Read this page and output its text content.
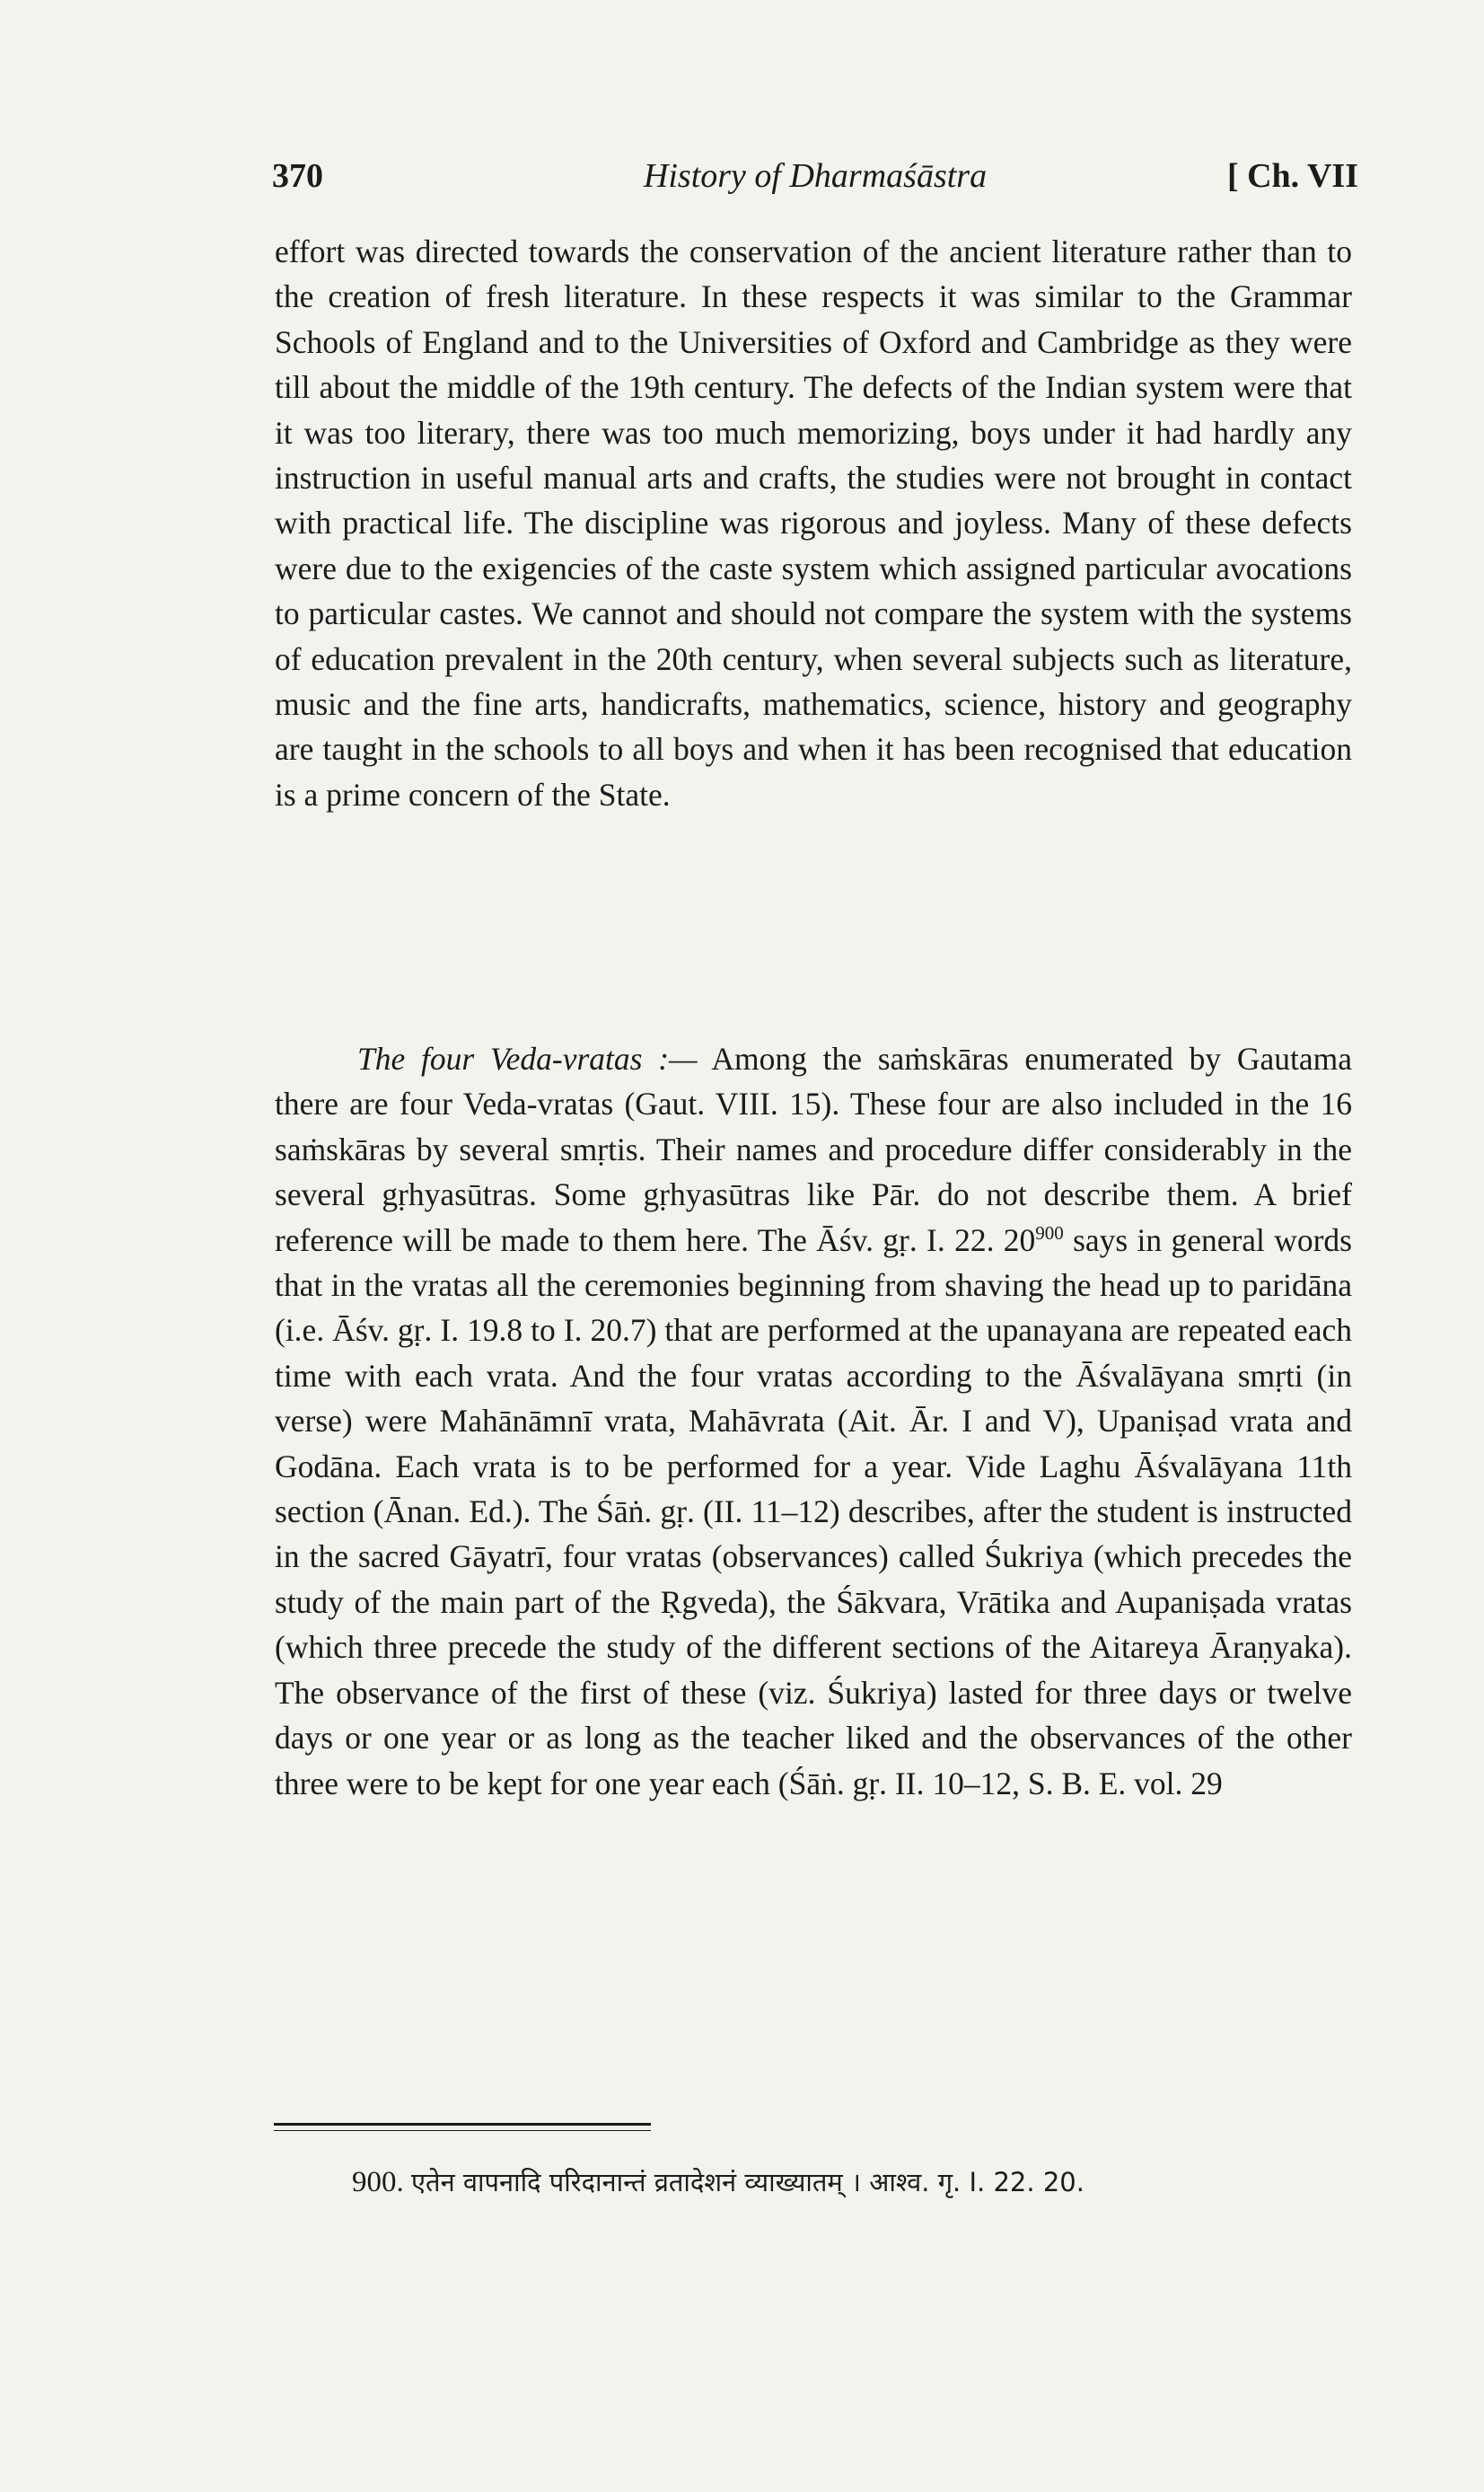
370	History of Dharmaśāstra	[ Ch. VII

effort was directed towards the conservation of the ancient literature rather than to the creation of fresh literature. In these respects it was similar to the Grammar Schools of England and to the Universities of Oxford and Cambridge as they were till about the middle of the 19th century. The defects of the Indian system were that it was too literary, there was too much memorizing, boys under it had hardly any instruction in useful manual arts and crafts, the studies were not brought in contact with practical life. The discipline was rigorous and joyless. Many of these defects were due to the exigencies of the caste system which assigned particular avocations to particular castes. We cannot and should not compare the system with the systems of education prevalent in the 20th century, when several subjects such as literature, music and the fine arts, handicrafts, mathematics, science, history and geography are taught in the schools to all boys and when it has been recognised that education is a prime concern of the State.

The four Veda-vratas :— Among the saṁskāras enumerated by Gautama there are four Veda-vratas (Gaut. VIII. 15). These four are also included in the 16 saṁskāras by several smṛtis. Their names and procedure differ considerably in the several gṛhyasūtras. Some gṛhyasūtras like Pār. do not describe them. A brief reference will be made to them here. The Āśv. gṛ. I. 22. 20$^{900}$ says in general words that in the vratas all the ceremonies beginning from shaving the head up to paridāna (i.e. Āśv. gṛ. I. 19.8 to I. 20.7) that are performed at the upanayana are repeated each time with each vrata. And the four vratas according to the Āśvalāyana smṛti (in verse) were Mahānāmnī vrata, Mahāvrata (Ait. Ār. I and V), Upaniṣad vrata and Godāna. Each vrata is to be performed for a year. Vide Laghu Āśvalāyana 11th section (Ānan. Ed.). The Śāṅ. gṛ. (II. 11–12) describes, after the student is instructed in the sacred Gāyatrī, four vratas (observances) called Śukriya (which precedes the study of the main part of the Ṛgveda), the Śākvara, Vrātika and Aupaniṣada vratas (which three precede the study of the different sections of the Aitareya Āraṇyaka). The observance of the first of these (viz. Śukriya) lasted for three days or twelve days or one year or as long as the teacher liked and the observances of the other three were to be kept for one year each (Śāṅ. gṛ. II. 10–12, S. B. E. vol. 29

900. एतेन वापनादि परिदानान्तं व्रतादेशनं व्याख्यातम् । आश्व. गृ. I. 22. 20.
